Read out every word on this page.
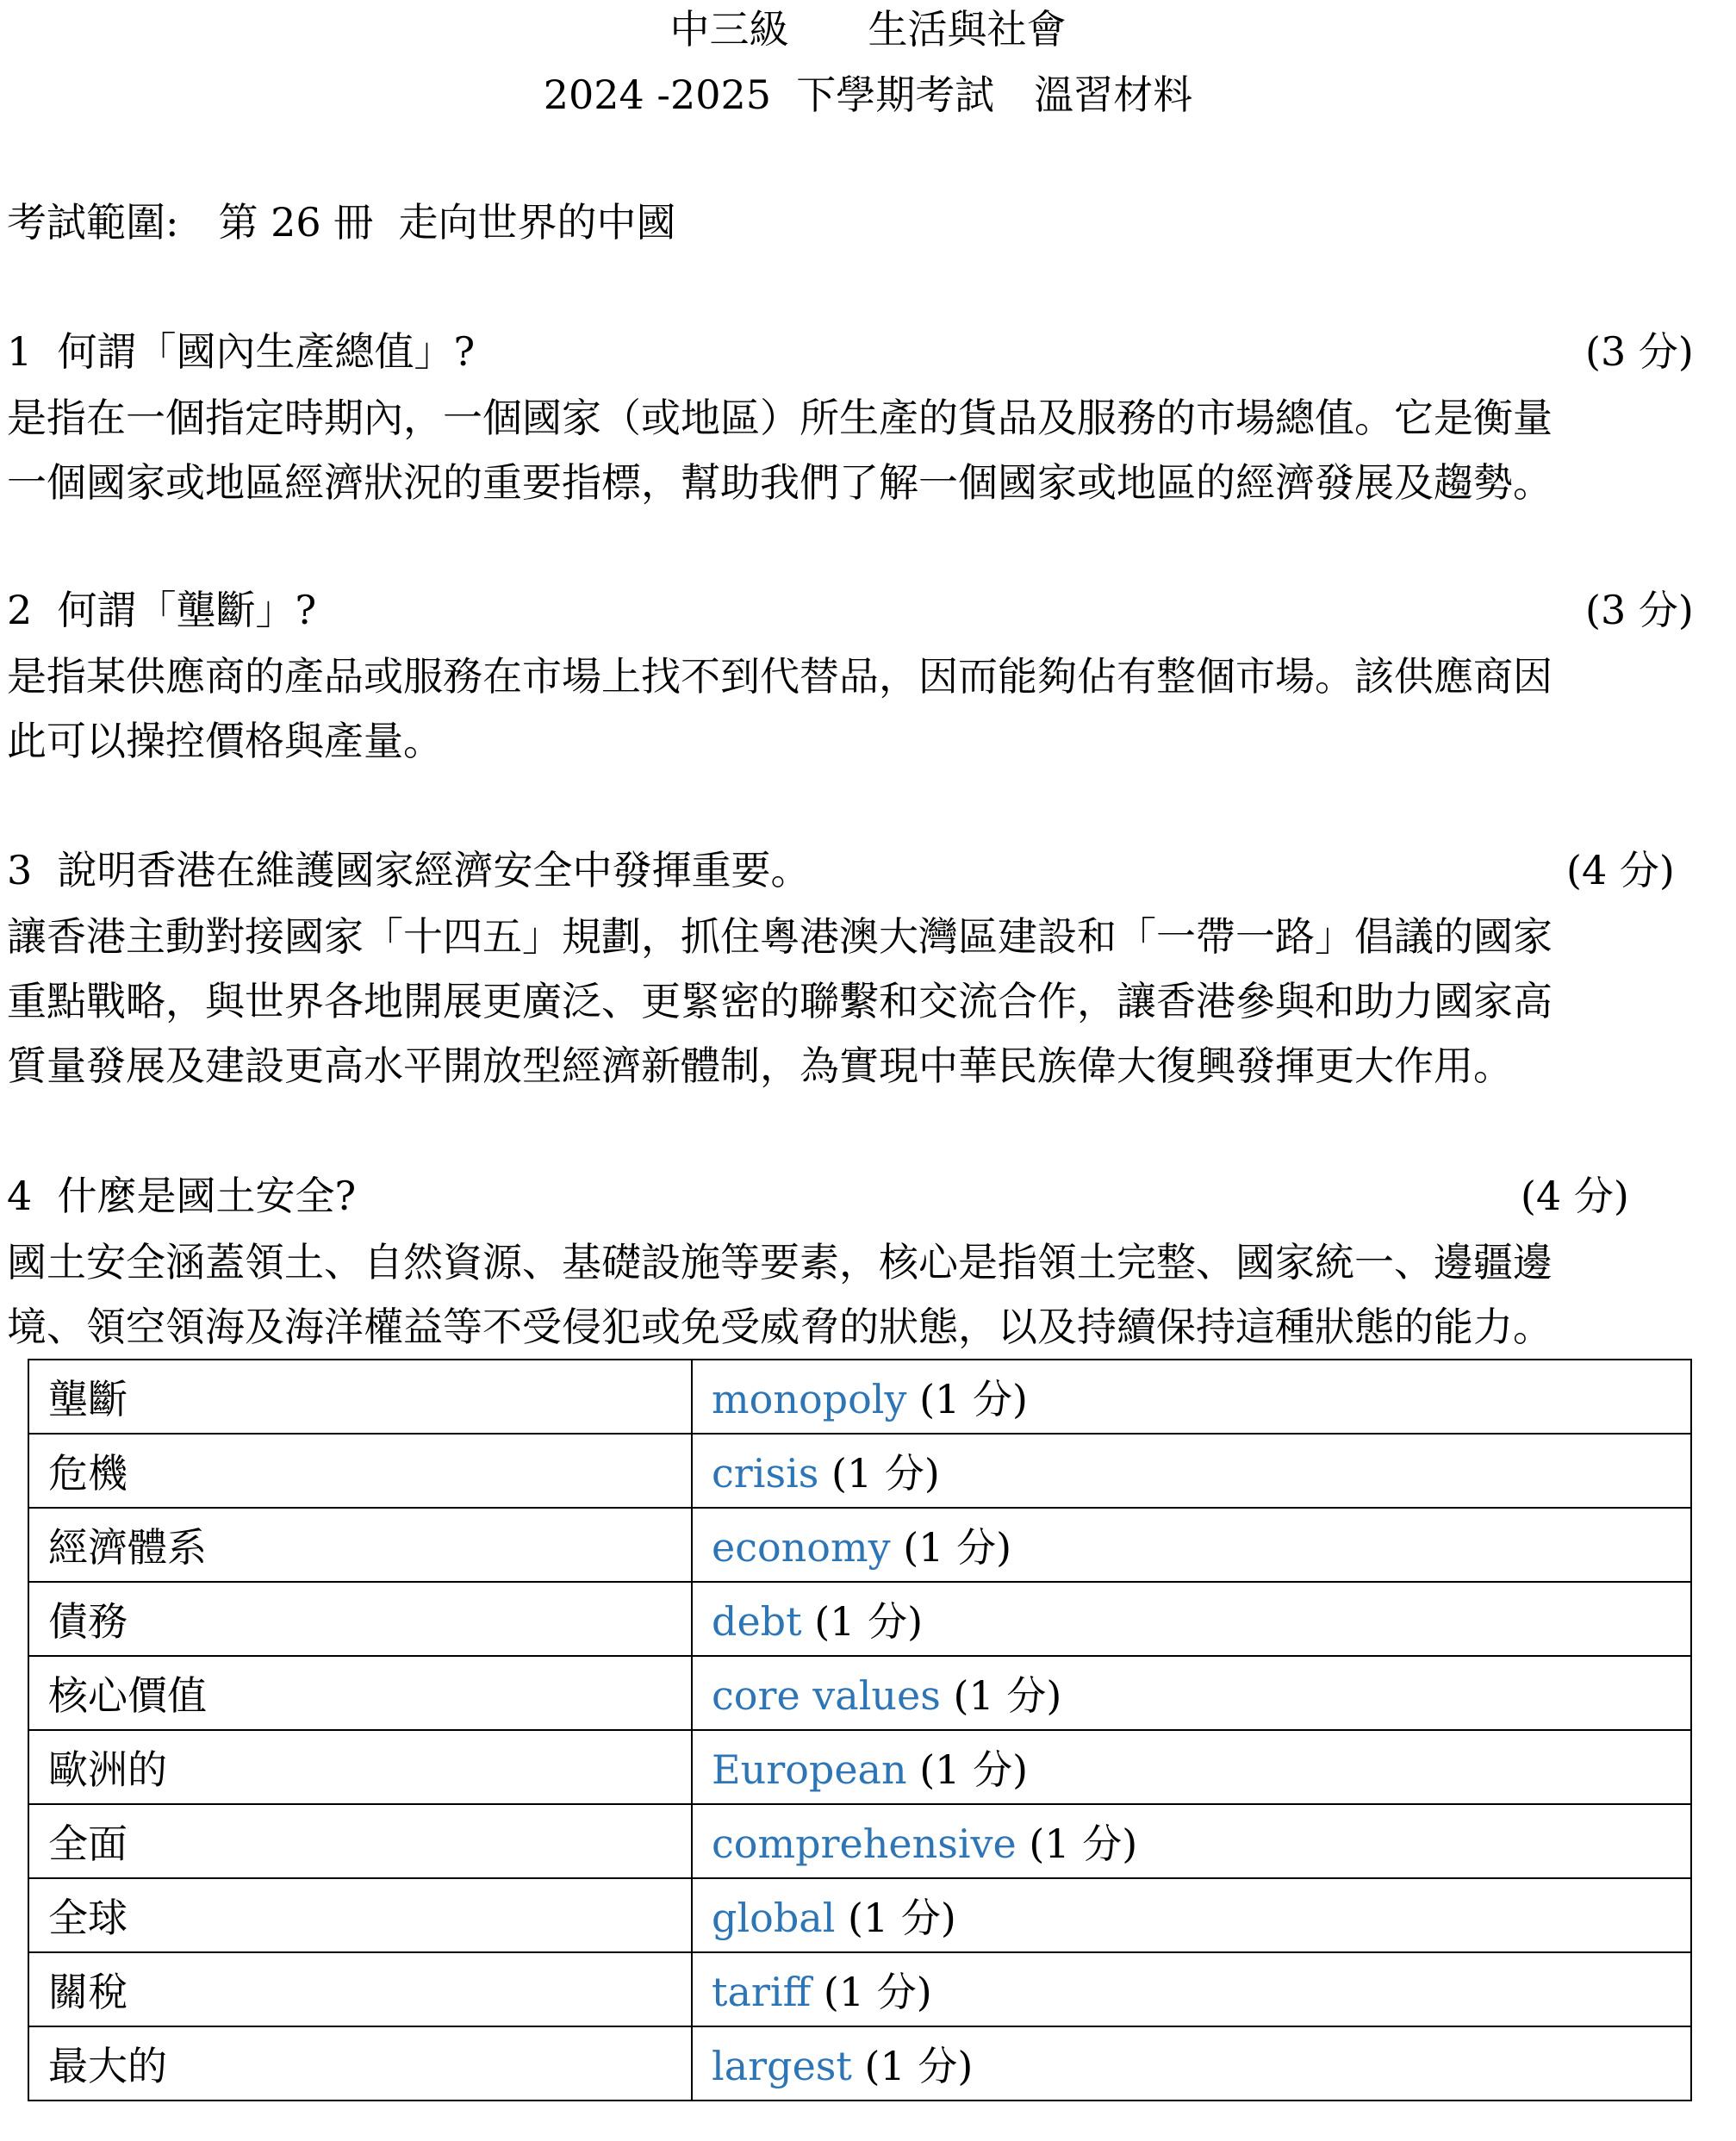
中三級　　生活與社會
2024 -2025  下學期考試　溫習材料
考試範圍:　第 26 冊  走向世界的中國
1  何謂「國內生產總值」?	(3 分)
是指在一個指定時期內，一個國家（或地區）所生產的貨品及服務的市場總值。它是衡量
一個國家或地區經濟狀況的重要指標，幫助我們了解一個國家或地區的經濟發展及趨勢。
2  何謂「壟斷」?	(3 分)
是指某供應商的產品或服務在市場上找不到代替品，因而能夠佔有整個市場。該供應商因
此可以操控價格與產量。
3  說明香港在維護國家經濟安全中發揮重要。	(4 分)
讓香港主動對接國家「十四五」規劃，抓住粵港澳大灣區建設和「一帶一路」倡議的國家
重點戰略，與世界各地開展更廣泛、更緊密的聯繫和交流合作，讓香港參與和助力國家高
質量發展及建設更高水平開放型經濟新體制，為實現中華民族偉大復興發揮更大作用。
4  什麼是國土安全?	(4 分)
國土安全涵蓋領土、自然資源、基礎設施等要素，核心是指領土完整、國家統一、邊疆邊
境、領空領海及海洋權益等不受侵犯或免受威脅的狀態，以及持續保持這種狀態的能力。
壟斷	monopoly (1 分)
危機	crisis (1 分)
經濟體系	economy (1 分)
債務	debt (1 分)
核心價值	core values (1 分)
歐洲的	European (1 分)
全面	comprehensive (1 分)
全球	global (1 分)
關稅	tariff (1 分)
最大的	largest (1 分)
